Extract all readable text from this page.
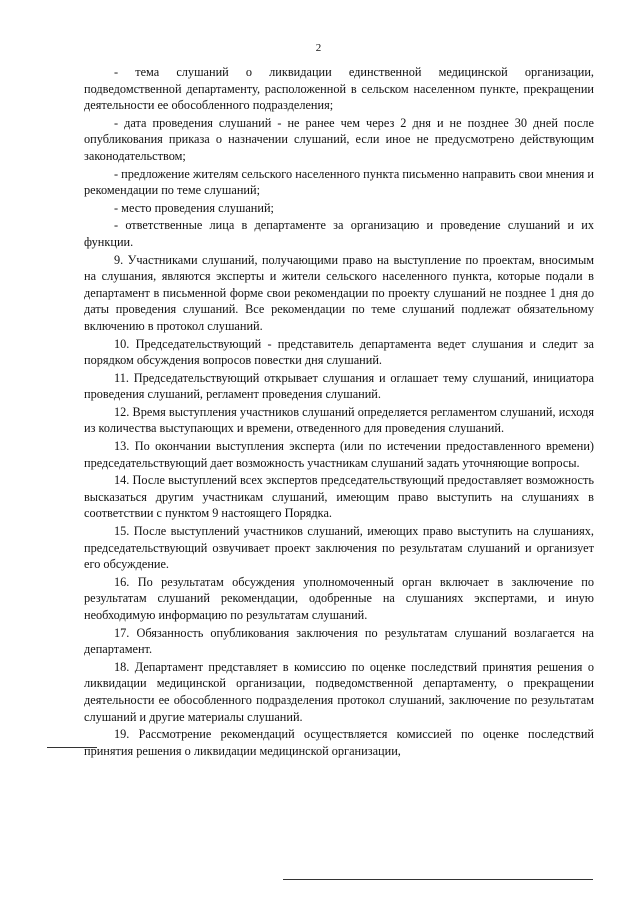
2

- тема слушаний о ликвидации единственной медицинской организации, подведомственной департаменту, расположенной в сельском населенном пункте, прекращении деятельности ее обособленного подразделения;

- дата проведения слушаний - не ранее чем через 2 дня и не позднее 30 дней после опубликования приказа о назначении слушаний, если иное не предусмотрено действующим законодательством;

- предложение жителям сельского населенного пункта письменно направить свои мнения и рекомендации по теме слушаний;

- место проведения слушаний;

- ответственные лица в департаменте за организацию и проведение слушаний и их функции.

9. Участниками слушаний, получающими право на выступление по проектам, вносимым на слушания, являются эксперты и жители сельского населенного пункта, которые подали в департамент в письменной форме свои рекомендации по проекту слушаний не позднее 1 дня до даты проведения слушаний. Все рекомендации по теме слушаний подлежат обязательному включению в протокол слушаний.

10. Председательствующий - представитель департамента ведет слушания и следит за порядком обсуждения вопросов повестки дня слушаний.

11. Председательствующий открывает слушания и оглашает тему слушаний, инициатора проведения слушаний, регламент проведения слушаний.

12. Время выступления участников слушаний определяется регламентом слушаний, исходя из количества выступающих и времени, отведенного для проведения слушаний.

13. По окончании выступления эксперта (или по истечении предоставленного времени) председательствующий дает возможность участникам слушаний задать уточняющие вопросы.

14. После выступлений всех экспертов председательствующий предоставляет возможность высказаться другим участникам слушаний, имеющим право выступить на слушаниях в соответствии с пунктом 9 настоящего Порядка.

15. После выступлений участников слушаний, имеющих право выступить на слушаниях, председательствующий озвучивает проект заключения по результатам слушаний и организует его обсуждение.

16. По результатам обсуждения уполномоченный орган включает в заключение по результатам слушаний рекомендации, одобренные на слушаниях экспертами, и иную необходимую информацию по результатам слушаний.

17. Обязанность опубликования заключения по результатам слушаний возлагается на департамент.

18. Департамент представляет в комиссию по оценке последствий принятия решения о ликвидации медицинской организации, подведомственной департаменту, о прекращении деятельности ее обособленного подразделения протокол слушаний, заключение по результатам слушаний и другие материалы слушаний.

19. Рассмотрение рекомендаций осуществляется комиссией по оценке последствий принятия решения о ликвидации медицинской организации,
